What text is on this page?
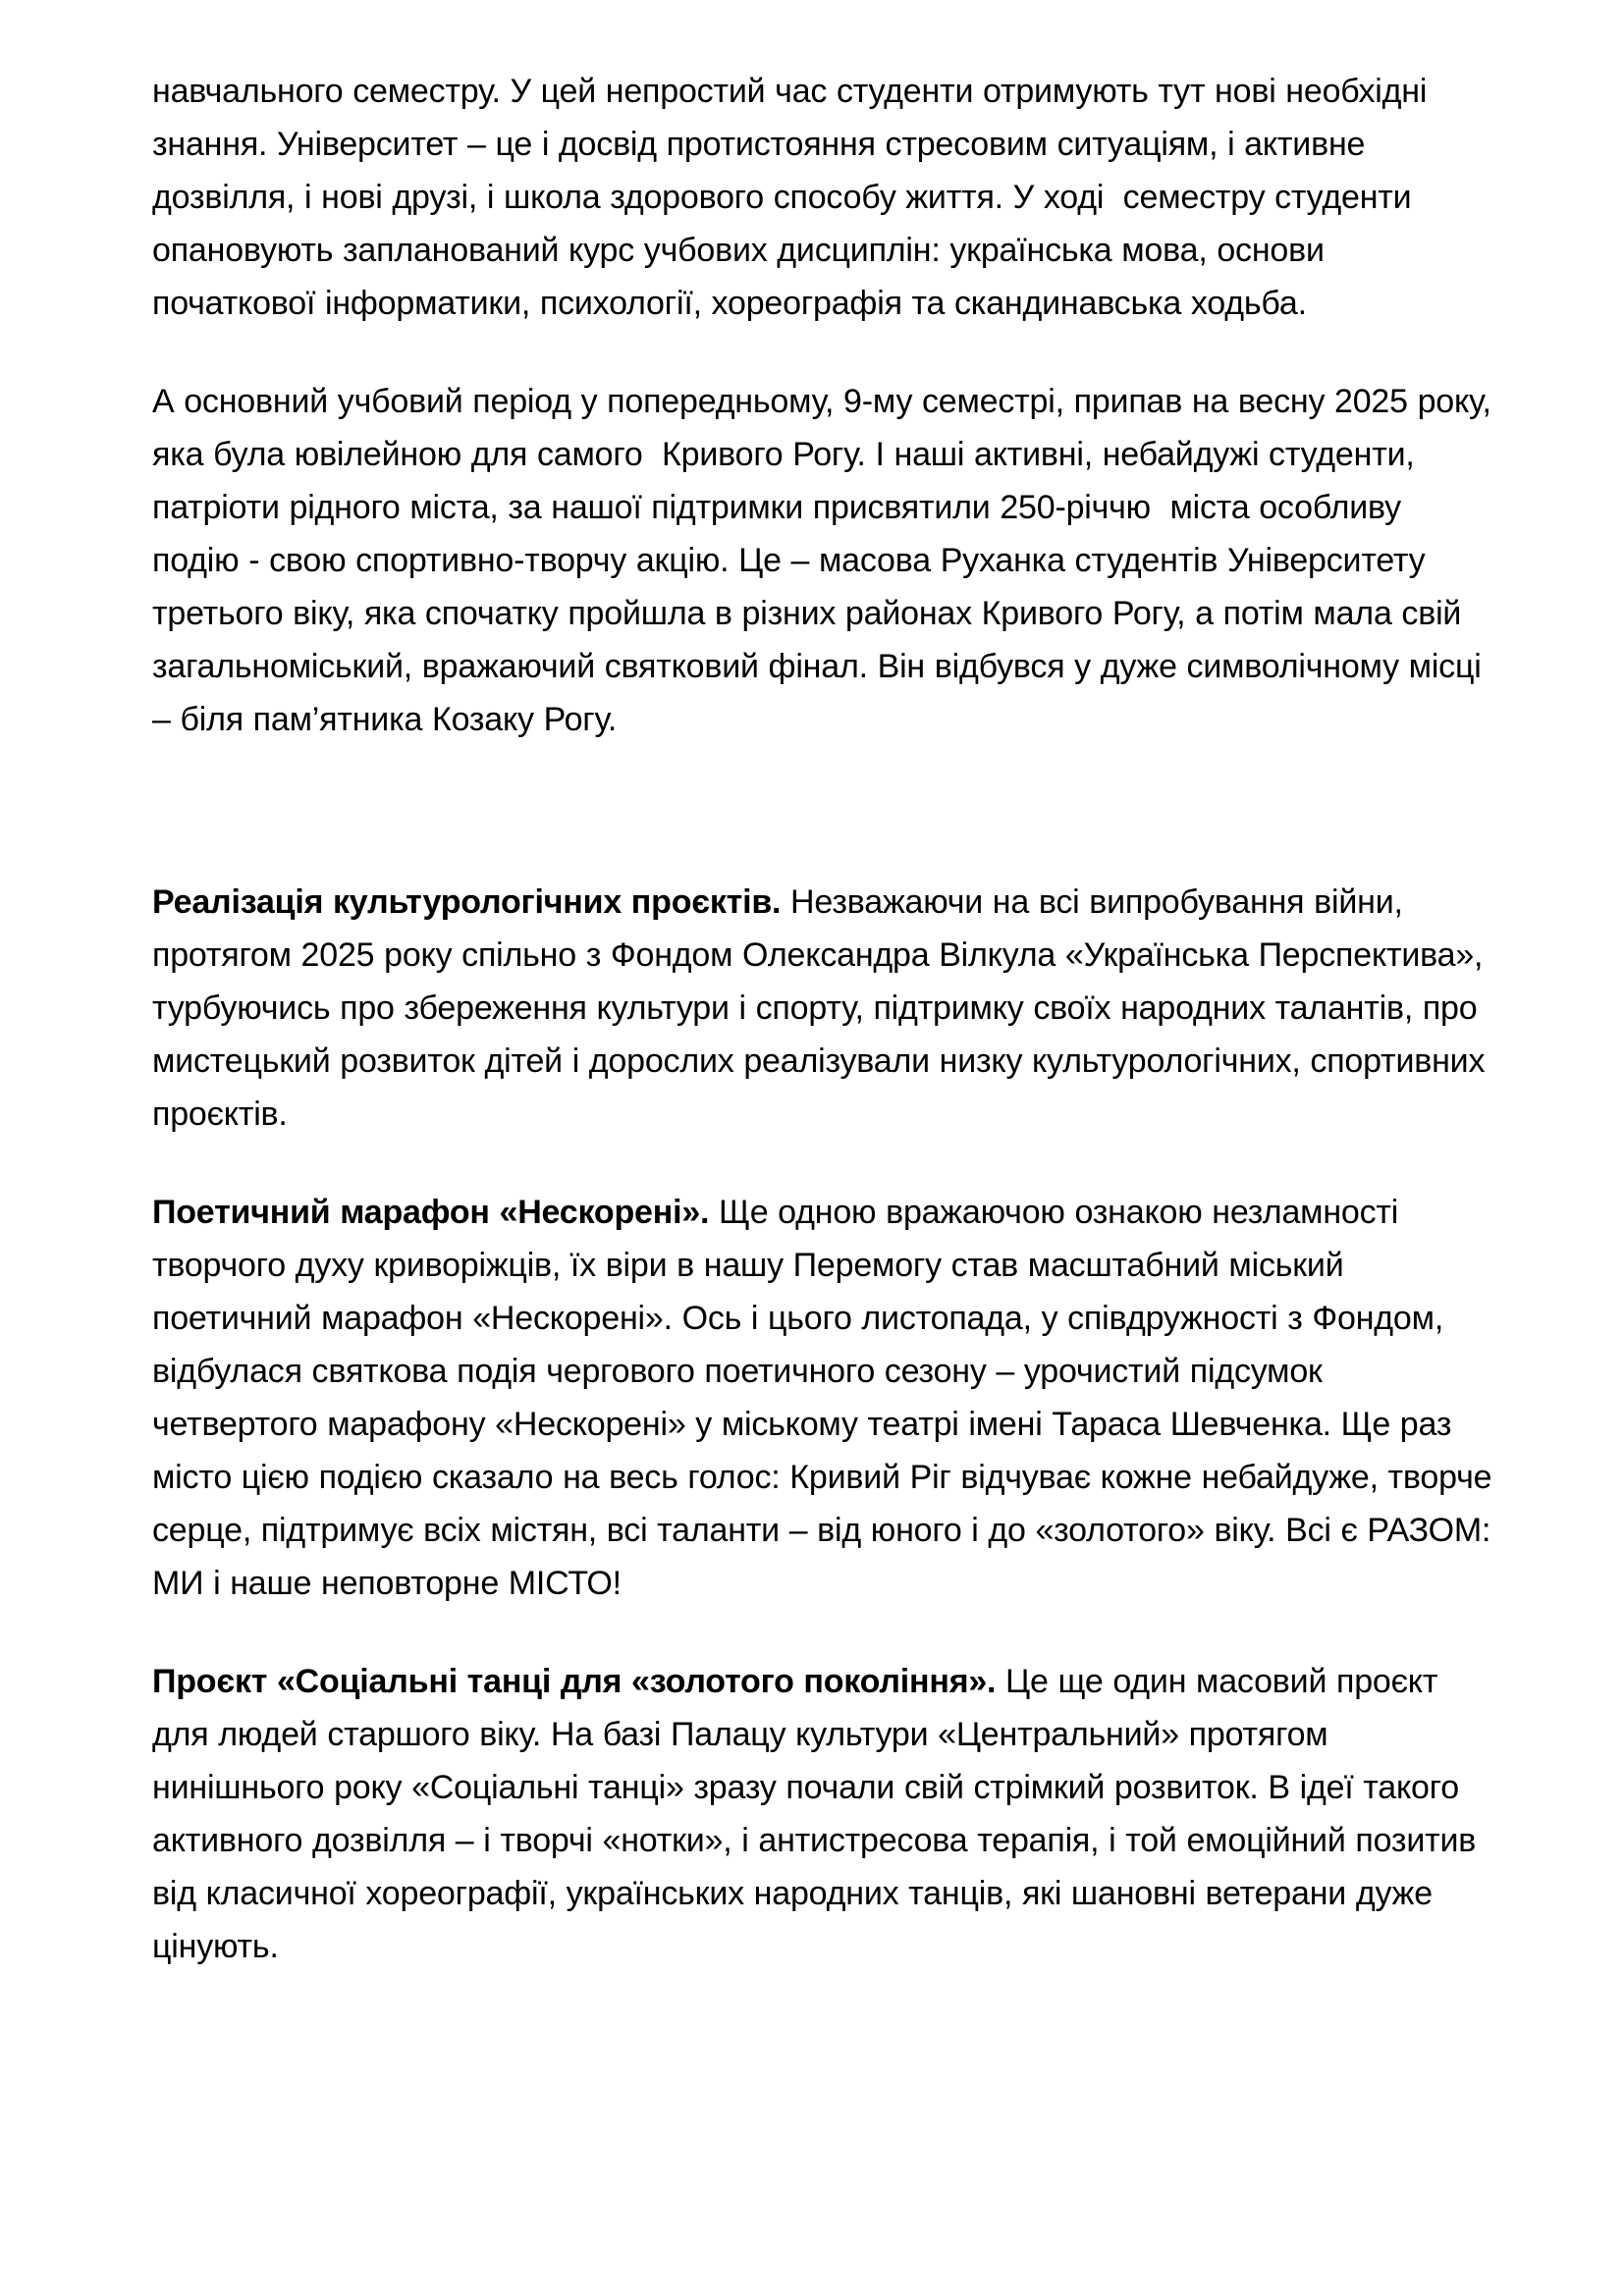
навчального семестру. У цей непростий час студенти отримують тут нові необхідні знання. Університет – це і досвід протистояння стресовим ситуаціям, і активне дозвілля, і нові друзі, і школа здорового способу життя. У ході  семестру студенти опановують запланований курс учбових дисциплін: українська мова, основи початкової інформатики, психології, хореографія та скандинавська ходьба.

А основний учбовий період у попередньому, 9-му семестрі, припав на весну 2025 року, яка була ювілейною для самого  Кривого Рогу. І наші активні, небайдужі студенти, патріоти рідного міста, за нашої підтримки присвятили 250-річчю  міста особливу подію - свою спортивно-творчу акцію. Це – масова Руханка студентів Університету третього віку, яка спочатку пройшла в різних районах Кривого Рогу, а потім мала свій загальноміський, вражаючий святковий фінал. Він відбувся у дуже символічному місці – біля пам’ятника Козаку Рогу.

Реалізація культурологічних проєктів. Незважаючи на всі випробування війни, протягом 2025 року спільно з Фондом Олександра Вілкула «Українська Перспектива», турбуючись про збереження культури і спорту, підтримку своїх народних талантів, про мистецький розвиток дітей і дорослих реалізували низку культурологічних, спортивних проєктів.

Поетичний марафон «Нескорені». Ще одною вражаючою ознакою незламності творчого духу криворіжців, їх віри в нашу Перемогу став масштабний міський поетичний марафон «Нескорені». Ось і цього листопада, у співдружності з Фондом, відбулася святкова подія чергового поетичного сезону – урочистий підсумок четвертого марафону «Нескорені» у міському театрі імені Тараса Шевченка. Ще раз місто цією подією сказало на весь голос: Кривий Ріг відчуває кожне небайдуже, творче серце, підтримує всіх містян, всі таланти – від юного і до «золотого» віку. Всі є РАЗОМ: МИ і наше неповторне МІСТО!

Проєкт «Соціальні танці для «золотого покоління». Це ще один масовий проєкт для людей старшого віку. На базі Палацу культури «Центральний» протягом нинішнього року «Соціальні танці» зразу почали свій стрімкий розвиток. В ідеї такого активного дозвілля – і творчі «нотки», і антистресова терапія, і той емоційний позитив від класичної хореографії, українських народних танців, які шановні ветерани дуже цінують.
